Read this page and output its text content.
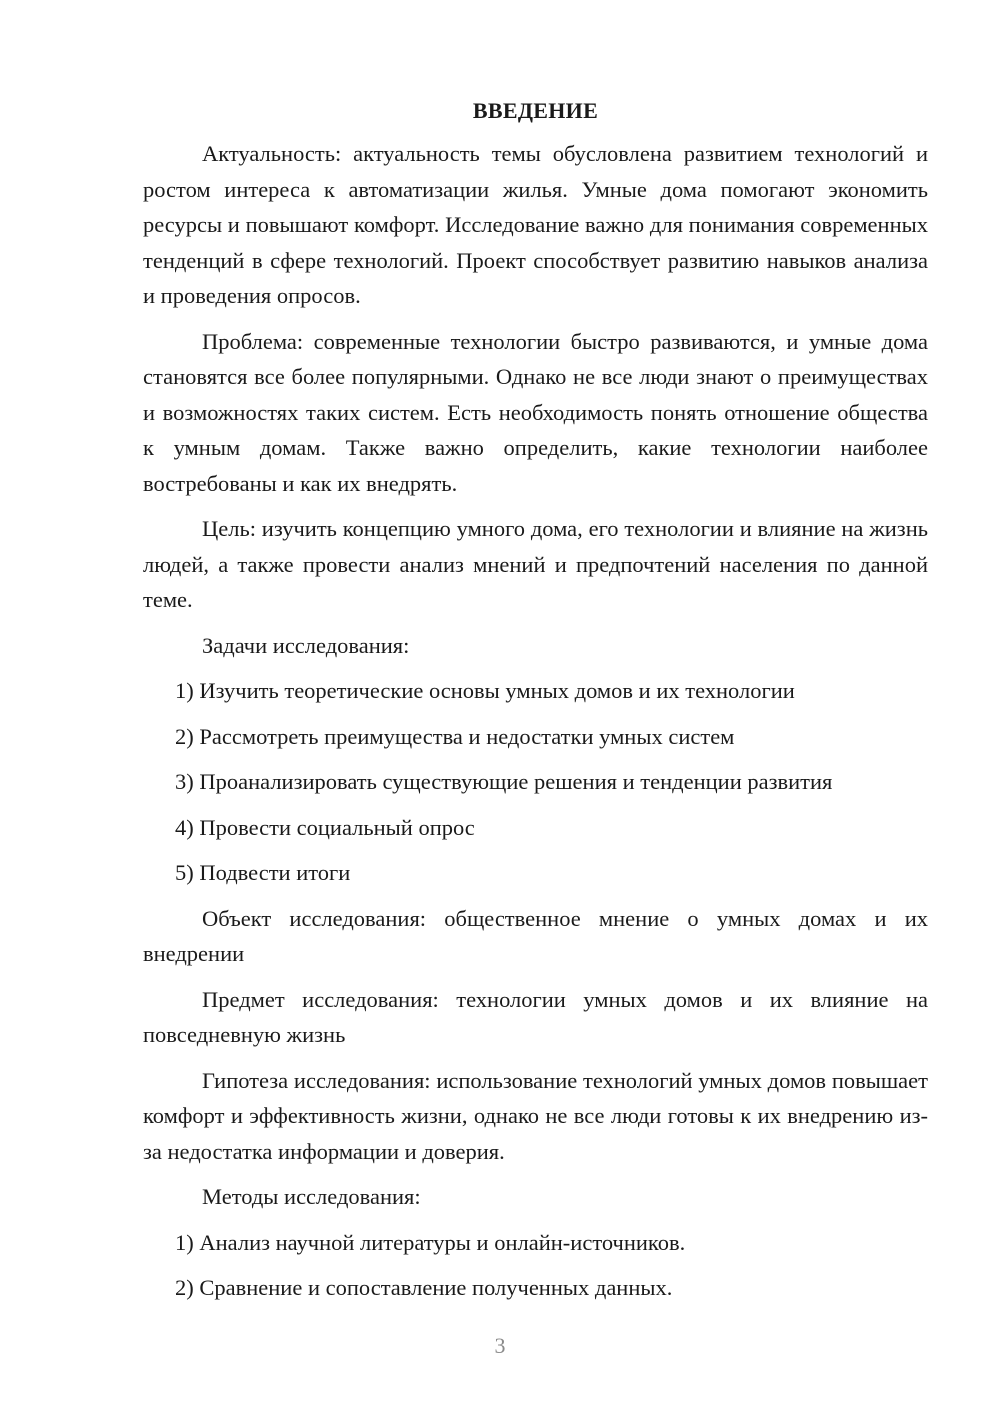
ВВЕДЕНИЕ

Актуальность: актуальность темы обусловлена развитием технологий и ростом интереса к автоматизации жилья. Умные дома помогают экономить ресурсы и повышают комфорт. Исследование важно для понимания современных тенденций в сфере технологий. Проект способствует развитию навыков анализа и проведения опросов.

Проблема: современные технологии быстро развиваются, и умные дома становятся все более популярными. Однако не все люди знают о преимуществах и возможностях таких систем. Есть необходимость понять отношение общества к умным домам. Также важно определить, какие технологии наиболее востребованы и как их внедрять.

Цель: изучить концепцию умного дома, его технологии и влияние на жизнь людей, а также провести анализ мнений и предпочтений населения по данной теме.

Задачи исследования:

1) Изучить теоретические основы умных домов и их технологии
2) Рассмотреть преимущества и недостатки умных систем
3) Проанализировать существующие решения и тенденции развития
4) Провести социальный опрос
5) Подвести итоги

Объект исследования: общественное мнение о умных домах и их внедрении

Предмет исследования: технологии умных домов и их влияние на повседневную жизнь

Гипотеза исследования: использование технологий умных домов повышает комфорт и эффективность жизни, однако не все люди готовы к их внедрению из-за недостатка информации и доверия.

Методы исследования:

1) Анализ научной литературы и онлайн-источников.
2) Сравнение и сопоставление полученных данных.
3
